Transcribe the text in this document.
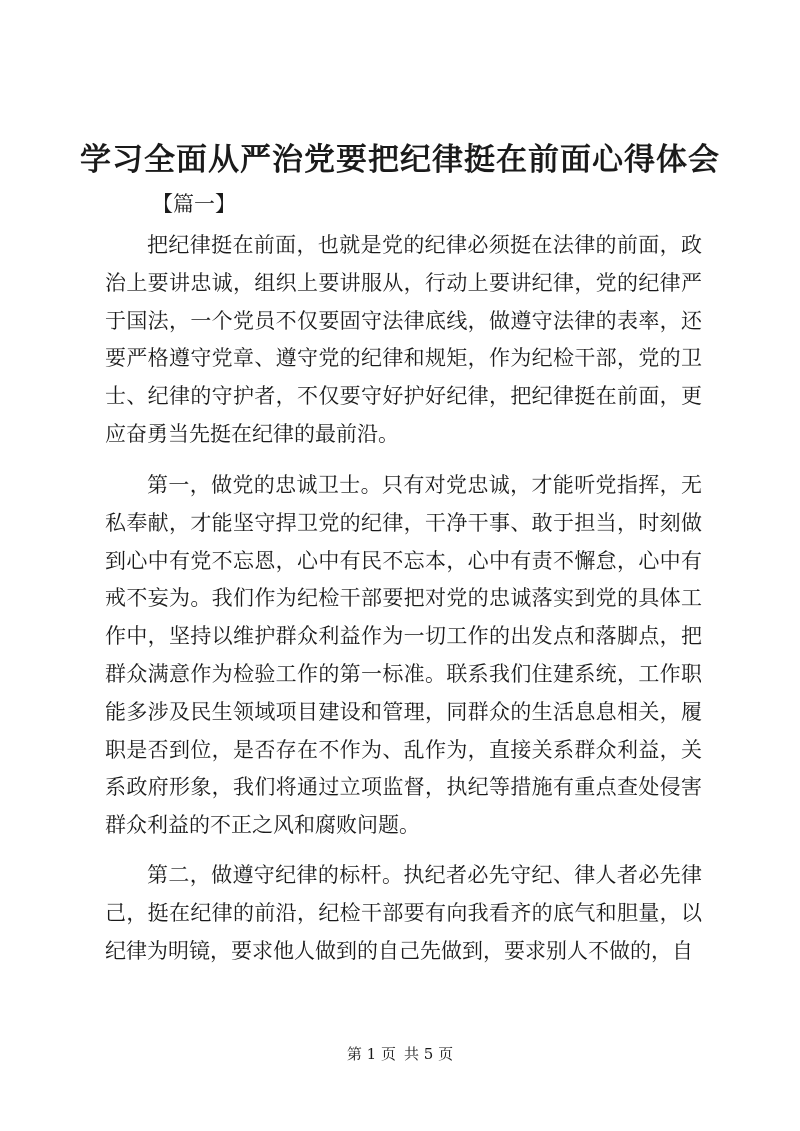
学习全面从严治党要把纪律挺在前面心得体会

【篇一】

把纪律挺在前面，也就是党的纪律必须挺在法律的前面，政治上要讲忠诚，组织上要讲服从，行动上要讲纪律，党的纪律严于国法，一个党员不仅要固守法律底线，做遵守法律的表率，还要严格遵守党章、遵守党的纪律和规矩，作为纪检干部，党的卫士、纪律的守护者，不仅要守好护好纪律，把纪律挺在前面，更应奋勇当先挺在纪律的最前沿。

第一，做党的忠诚卫士。只有对党忠诚，才能听党指挥，无私奉献，才能坚守捍卫党的纪律，干净干事、敢于担当，时刻做到心中有党不忘恩，心中有民不忘本，心中有责不懈怠，心中有戒不妄为。我们作为纪检干部要把对党的忠诚落实到党的具体工作中，坚持以维护群众利益作为一切工作的出发点和落脚点，把群众满意作为检验工作的第一标准。联系我们住建系统，工作职能多涉及民生领域项目建设和管理，同群众的生活息息相关，履职是否到位，是否存在不作为、乱作为，直接关系群众利益，关系政府形象，我们将通过立项监督，执纪等措施有重点查处侵害群众利益的不正之风和腐败问题。

第二，做遵守纪律的标杆。执纪者必先守纪、律人者必先律己，挺在纪律的前沿，纪检干部要有向我看齐的底气和胆量，以纪律为明镜，要求他人做到的自己先做到，要求别人不做的，自

第 1 页 共 5 页
